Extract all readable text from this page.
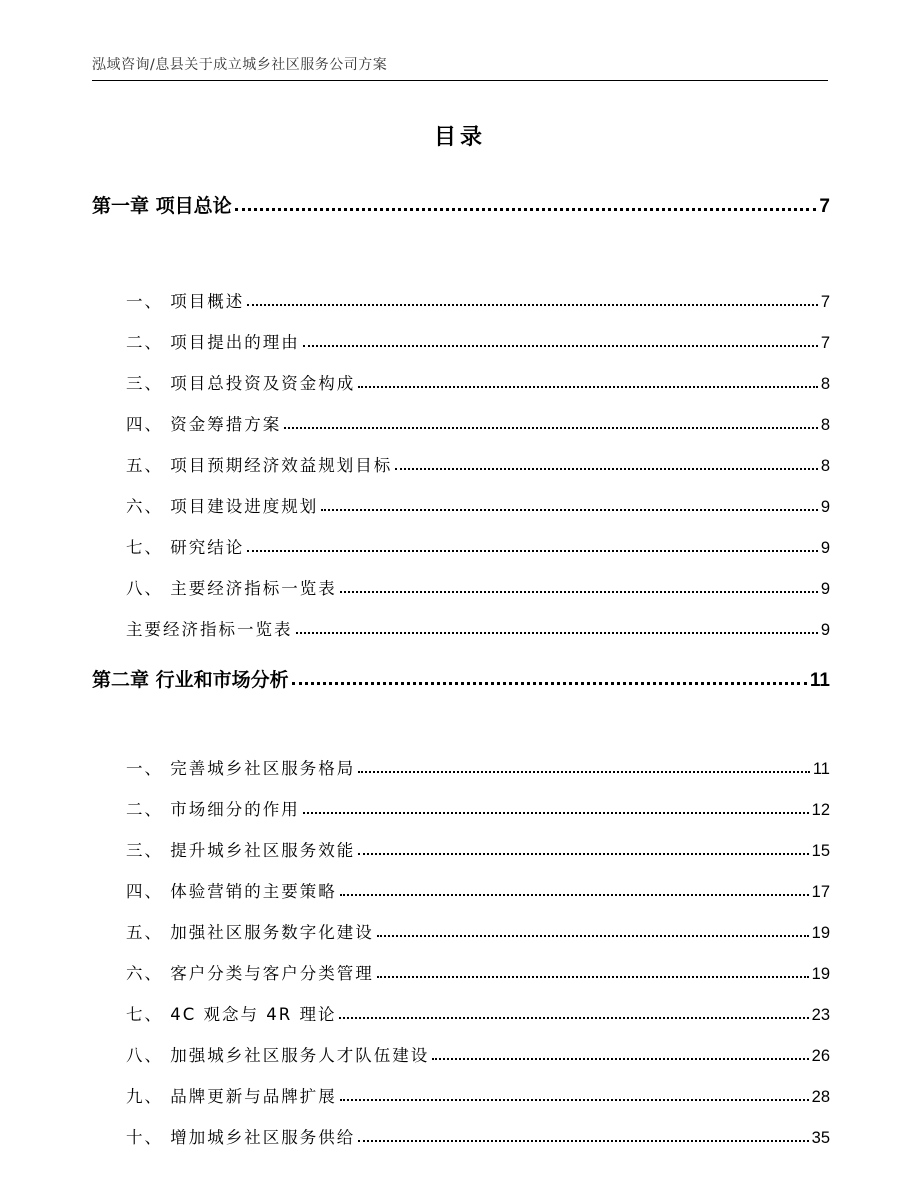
泓域咨询/息县关于成立城乡社区服务公司方案
目录
第一章 项目总论	7
一、 项目概述	7
二、 项目提出的理由	7
三、 项目总投资及资金构成	8
四、 资金筹措方案	8
五、 项目预期经济效益规划目标	8
六、 项目建设进度规划	9
七、 研究结论	9
八、 主要经济指标一览表	9
主要经济指标一览表	9
第二章 行业和市场分析	11
一、 完善城乡社区服务格局	11
二、 市场细分的作用	12
三、 提升城乡社区服务效能	15
四、 体验营销的主要策略	17
五、 加强社区服务数字化建设	19
六、 客户分类与客户分类管理	19
七、 4C 观念与 4R 理论	23
八、 加强城乡社区服务人才队伍建设	26
九、 品牌更新与品牌扩展	28
十、 增加城乡社区服务供给	35
